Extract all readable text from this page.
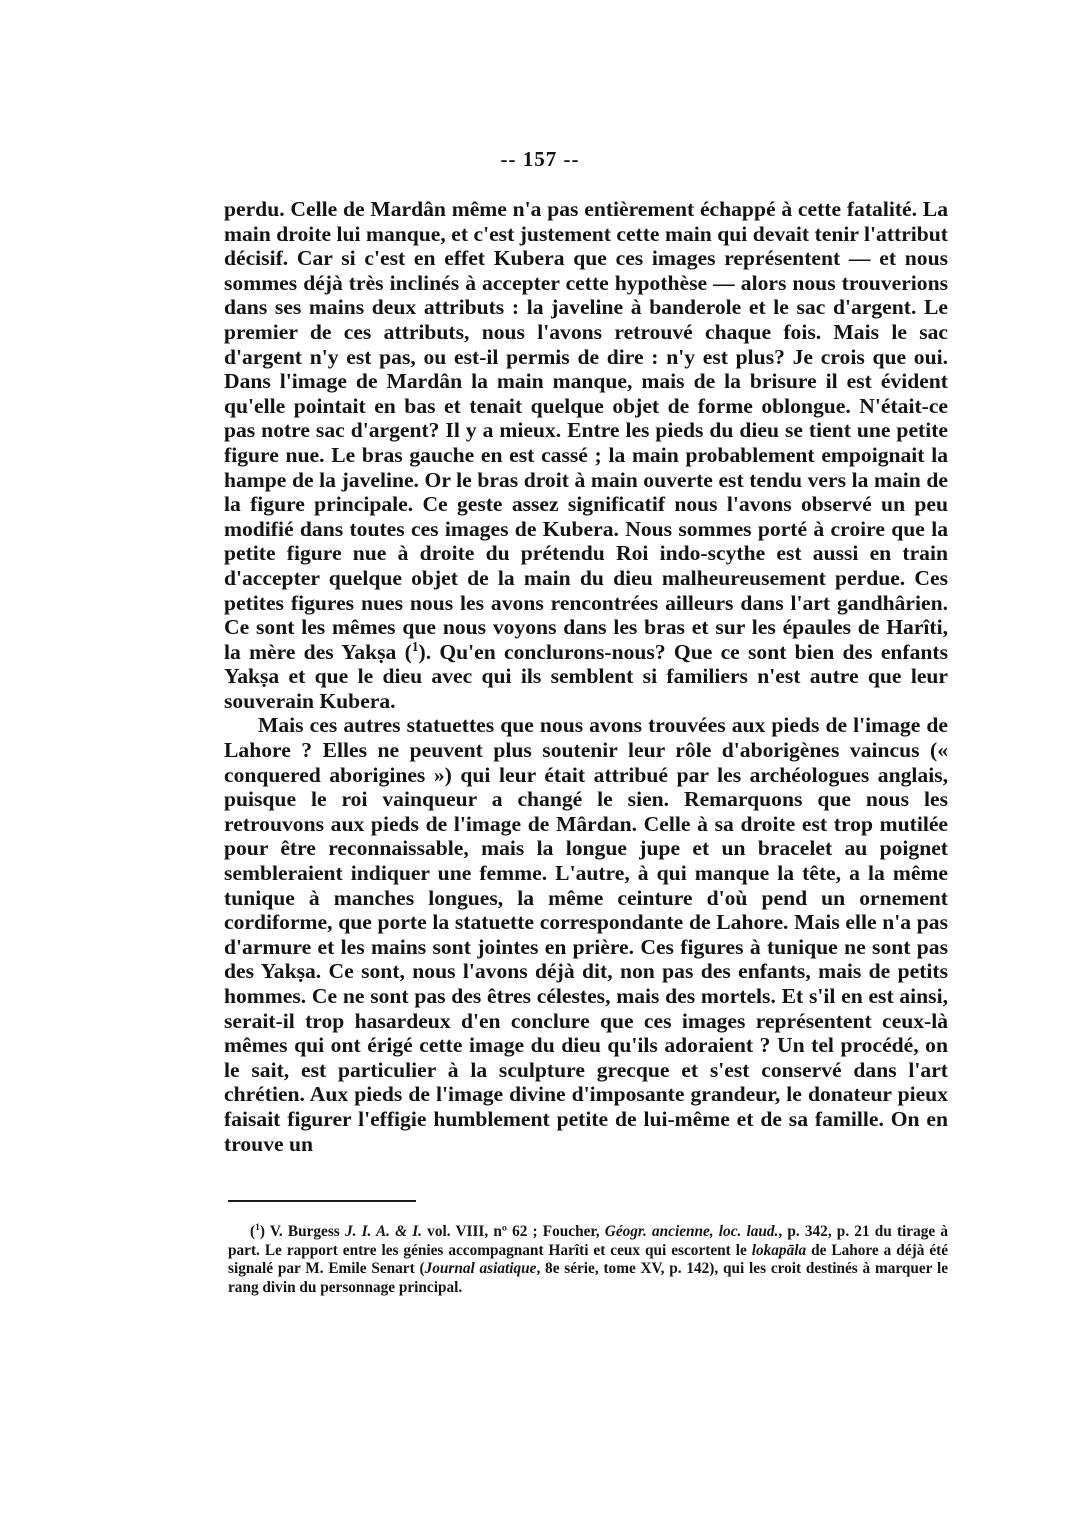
-- 157 --

perdu. Celle de Mardân même n'a pas entièrement échappé à cette fatalité. La main droite lui manque, et c'est justement cette main qui devait tenir l'attribut décisif. Car si c'est en effet Kubera que ces images représentent — et nous sommes déjà très inclinés à accepter cette hypothèse — alors nous trouverions dans ses mains deux attributs : la javeline à banderole et le sac d'argent. Le premier de ces attributs, nous l'avons retrouvé chaque fois. Mais le sac d'argent n'y est pas, ou est-il permis de dire : n'y est plus? Je crois que oui. Dans l'image de Mardân la main manque, mais de la brisure il est évident qu'elle pointait en bas et tenait quelque objet de forme oblongue. N'était-ce pas notre sac d'argent? Il y a mieux. Entre les pieds du dieu se tient une petite figure nue. Le bras gauche en est cassé ; la main probablement empoignait la hampe de la javeline. Or le bras droit à main ouverte est tendu vers la main de la figure principale. Ce geste assez significatif nous l'avons observé un peu modifié dans toutes ces images de Kubera. Nous sommes porté à croire que la petite figure nue à droite du prétendu Roi indo-scythe est aussi en train d'accepter quelque objet de la main du dieu malheureusement perdue. Ces petites figures nues nous les avons rencontrées ailleurs dans l'art gandhârien. Ce sont les mêmes que nous voyons dans les bras et sur les épaules de Harîti, la mère des Yakṣa ($^1$). Qu'en conclurons-nous? Que ce sont bien des enfants Yakṣa et que le dieu avec qui ils semblent si familiers n'est autre que leur souverain Kubera.

Mais ces autres statuettes que nous avons trouvées aux pieds de l'image de Lahore ? Elles ne peuvent plus soutenir leur rôle d'aborigènes vaincus (« conquered aborigines ») qui leur était attribué par les archéologues anglais, puisque le roi vainqueur a changé le sien. Remarquons que nous les retrouvons aux pieds de l'image de Mârdan. Celle à sa droite est trop mutilée pour être reconnaissable, mais la longue jupe et un bracelet au poignet sembleraient indiquer une femme. L'autre, à qui manque la tête, a la même tunique à manches longues, la même ceinture d'où pend un ornement cordiforme, que porte la statuette correspondante de Lahore. Mais elle n'a pas d'armure et les mains sont jointes en prière. Ces figures à tunique ne sont pas des Yakṣa. Ce sont, nous l'avons déjà dit, non pas des enfants, mais de petits hommes. Ce ne sont pas des êtres célestes, mais des mortels. Et s'il en est ainsi, serait-il trop hasardeux d'en conclure que ces images représentent ceux-là mêmes qui ont érigé cette image du dieu qu'ils adoraient ? Un tel procédé, on le sait, est particulier à la sculpture grecque et s'est conservé dans l'art chrétien. Aux pieds de l'image divine d'imposante grandeur, le donateur pieux faisait figurer l'effigie humblement petite de lui-même et de sa famille. On en trouve un

($^1$) V. Burgess J. I. A. & I. vol. VIII, nº 62 ; Foucher, Géogr. ancienne, loc. laud., p. 342, p. 21 du tirage à part. Le rapport entre les génies accompagnant Harîti et ceux qui escortent le lokapāla de Lahore a déjà été signalé par M. Emile Senart (Journal asiatique, 8e série, tome XV, p. 142), qui les croit destinés à marquer le rang divin du personnage principal.
